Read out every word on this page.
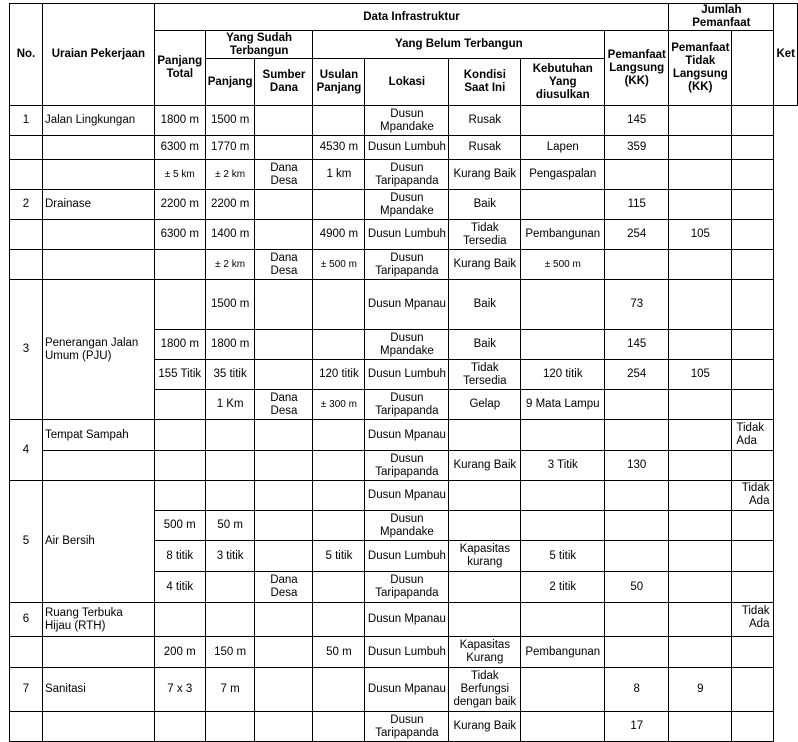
No.	Uraian Pekerjaan	Data Infrastruktur								Jumlah Pemanfaat		Ket
		Panjang Total	Yang Sudah Terbangun		Yang Belum Terbangun				Pemanfaat Langsung (KK)	Pemanfaat Tidak Langsung (KK)		
			Panjang	Sumber Dana	Usulan Panjang	Lokasi	Kondisi Saat Ini	Kebutuhan Yang diusulkan				
1	Jalan Lingkungan	1800 m	1500 m			Dusun Mpandake	Rusak		145			
		6300 m	1770 m		4530 m	Dusun Lumbuh	Rusak	Lapen	359			
		± 5 km	± 2 km	Dana Desa	1 km	Dusun Taripapanda	Kurang Baik	Pengaspalan				
2	Drainase	2200 m	2200 m			Dusun Mpandake	Baik		115			
		6300 m	1400 m		4900 m	Dusun Lumbuh	Tidak Tersedia	Pembangunan	254	105		
			± 2 km	Dana Desa	± 500 m	Dusun Taripapanda	Kurang Baik	± 500 m				
3	Penerangan Jalan Umum (PJU)		1500 m			Dusun Mpanau	Baik		73			
		1800 m	1800 m			Dusun Mpandake	Baik		145			
		155 Titik	35 titik		120 titik	Dusun Lumbuh	Tidak Tersedia	120 titik	254	105		
			1 Km	Dana Desa	± 300 m	Dusun Taripapanda	Gelap	9 Mata Lampu				
4	Tempat Sampah					Dusun Mpanau					Tidak Ada	
						Dusun Taripapanda	Kurang Baik	3 Titik	130			
5	Air Bersih					Dusun Mpanau					Tidak Ada	
		500 m	50 m			Dusun Mpandake						
		8 titik	3 titik		5 titik	Dusun Lumbuh	Kapasitas kurang	5 titik				
		4 titik		Dana Desa		Dusun Taripapanda		2 titik	50			
6	Ruang Terbuka Hijau (RTH)					Dusun Mpanau					Tidak Ada	
		200 m	150 m		50 m	Dusun Lumbuh	Kapasitas Kurang	Pembangunan				
7	Sanitasi	7 x 3	7 m			Dusun Mpanau	Tidak Berfungsi dengan baik		8	9		
						Dusun Taripapanda	Kurang Baik		17			
